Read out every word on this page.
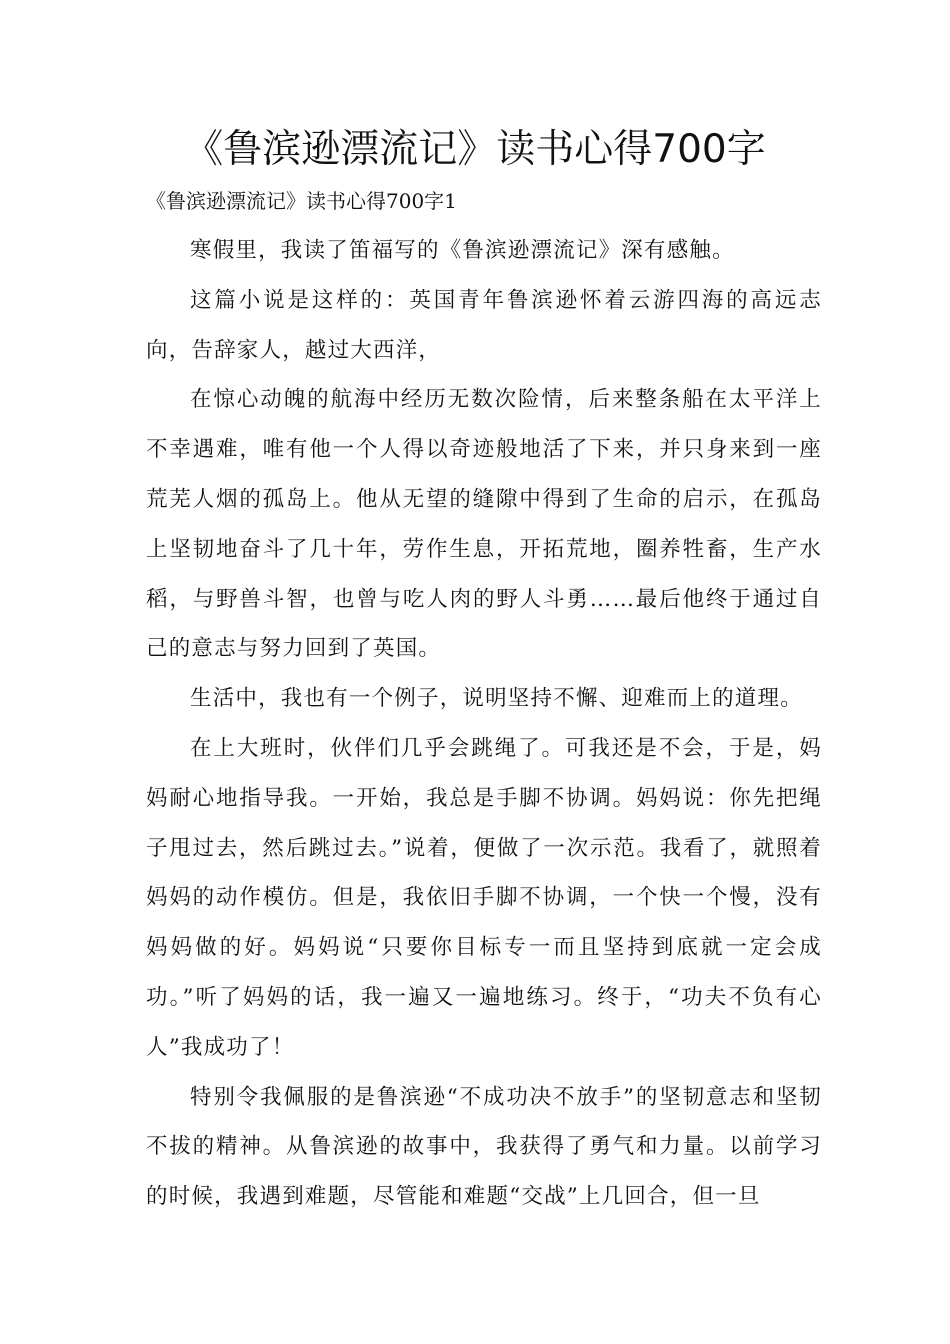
《鲁滨逊漂流记》读书心得700字

《鲁滨逊漂流记》读书心得700字1

寒假里，我读了笛福写的《鲁滨逊漂流记》深有感触。

这篇小说是这样的：英国青年鲁滨逊怀着云游四海的高远志向，告辞家人，越过大西洋，

在惊心动魄的航海中经历无数次险情，后来整条船在太平洋上不幸遇难，唯有他一个人得以奇迹般地活了下来，并只身来到一座荒芜人烟的孤岛上。他从无望的缝隙中得到了生命的启示，在孤岛上坚韧地奋斗了几十年，劳作生息，开拓荒地，圈养牲畜，生产水稻，与野兽斗智，也曾与吃人肉的野人斗勇……最后他终于通过自己的意志与努力回到了英国。

生活中，我也有一个例子，说明坚持不懈、迎难而上的道理。

在上大班时，伙伴们几乎会跳绳了。可我还是不会，于是，妈妈耐心地指导我。一开始，我总是手脚不协调。妈妈说：你先把绳子甩过去，然后跳过去。”说着，便做了一次示范。我看了，就照着妈妈的动作模仿。但是，我依旧手脚不协调，一个快一个慢，没有妈妈做的好。妈妈说“只要你目标专一而且坚持到底就一定会成功。”听了妈妈的话，我一遍又一遍地练习。终于，“功夫不负有心人”我成功了！

特别令我佩服的是鲁滨逊“不成功决不放手”的坚韧意志和坚韧不拔的精神。从鲁滨逊的故事中，我获得了勇气和力量。以前学习的时候，我遇到难题，尽管能和难题“交战”上几回合，但一旦
